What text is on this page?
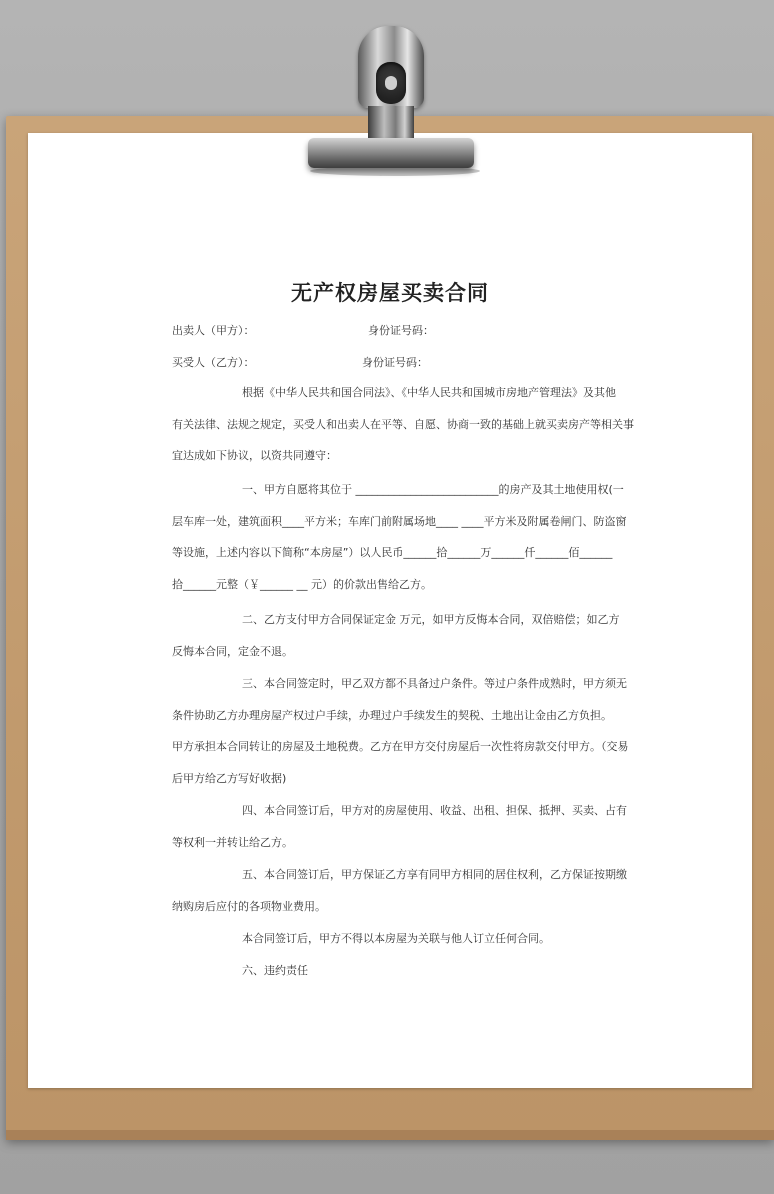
无产权房屋买卖合同
出卖人（甲方）：	身份证号码：
买受人（乙方）：	身份证号码：
根据《中华人民共和国合同法》、《中华人民共和国城市房地产管理法》及其他
有关法律、法规之规定，买受人和出卖人在平等、自愿、协商一致的基础上就买卖房产等相关事
宜达成如下协议，以资共同遵守：
一、甲方自愿将其位于 __________________________的房产及其土地使用权(一
层车库一处，建筑面积____平方米；车库门前附属场地____ ____平方米及附属卷闸门、防盗窗
等设施，上述内容以下简称“本房屋”）以人民币______拾______万______仟______佰______
拾______元整（￥______ __ 元）的价款出售给乙方。
二、乙方支付甲方合同保证定金 万元，如甲方反悔本合同，双倍赔偿；如乙方
反悔本合同，定金不退。
三、本合同签定时，甲乙双方都不具备过户条件。等过户条件成熟时，甲方须无
条件协助乙方办理房屋产权过户手续，办理过户手续发生的契税、土地出让金由乙方负担。
甲方承担本合同转让的房屋及土地税费。乙方在甲方交付房屋后一次性将房款交付甲方。（交易
后甲方给乙方写好收据)
四、本合同签订后，甲方对的房屋使用、收益、出租、担保、抵押、买卖、占有
等权利一并转让给乙方。
五、本合同签订后，甲方保证乙方享有同甲方相同的居住权利，乙方保证按期缴
纳购房后应付的各项物业费用。
本合同签订后，甲方不得以本房屋为关联与他人订立任何合同。
六、违约责任
